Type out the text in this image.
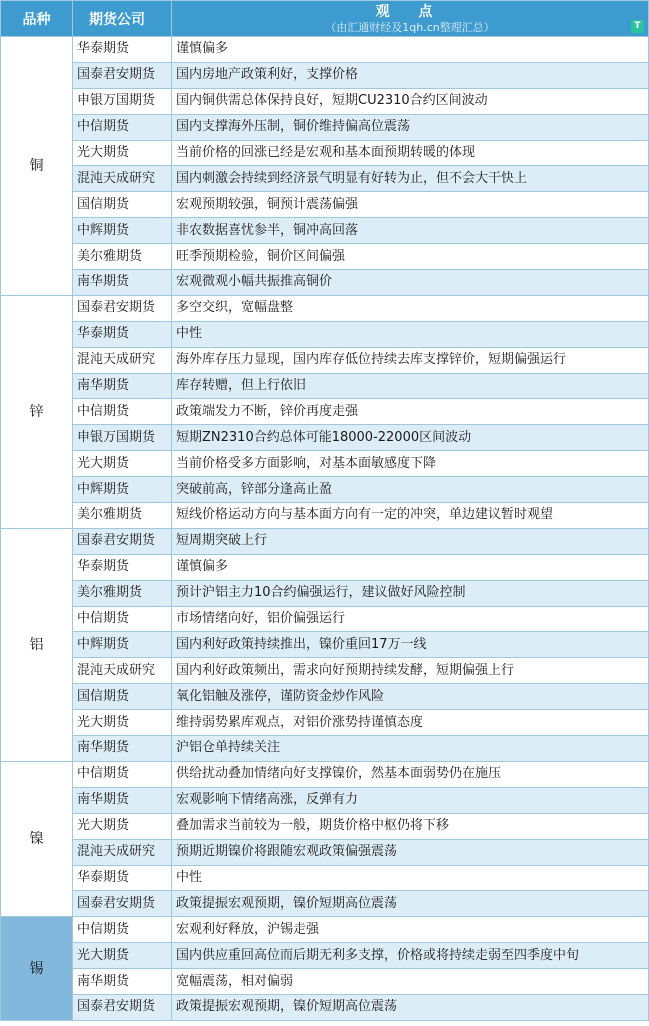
品种	期货公司	观 点
（由汇通财经及1qh.cn整理汇总） T

铜	华泰期货	谨慎偏多
	国泰君安期货	国内房地产政策利好，支撑价格
	申银万国期货	国内铜供需总体保持良好，短期CU2310合约区间波动
	中信期货	国内支撑海外压制，铜价维持偏高位震荡
	光大期货	当前价格的回涨已经是宏观和基本面预期转暖的体现
	混沌天成研究	国内刺激会持续到经济景气明显有好转为止，但不会大干快上
	国信期货	宏观预期较强，铜预计震荡偏强
	中辉期货	非农数据喜忧参半，铜冲高回落
	美尔雅期货	旺季预期检验，铜价区间偏强
	南华期货	宏观微观小幅共振推高铜价
锌	国泰君安期货	多空交织，宽幅盘整
	华泰期货	中性
	混沌天成研究	海外库存压力显现，国内库存低位持续去库支撑锌价，短期偏强运行
	南华期货	库存转赠，但上行依旧
	中信期货	政策端发力不断，锌价再度走强
	申银万国期货	短期ZN2310合约总体可能18000-22000区间波动
	光大期货	当前价格受多方面影响，对基本面敏感度下降
	中辉期货	突破前高，锌部分逢高止盈
	美尔雅期货	短线价格运动方向与基本面方向有一定的冲突，单边建议暂时观望
铝	国泰君安期货	短周期突破上行
	华泰期货	谨慎偏多
	美尔雅期货	预计沪铝主力10合约偏强运行，建议做好风险控制
	中信期货	市场情绪向好，铝价偏强运行
	中辉期货	国内利好政策持续推出，镍价重回17万一线
	混沌天成研究	国内利好政策频出，需求向好预期持续发酵，短期偏强上行
	国信期货	氧化铝触及涨停，谨防资金炒作风险
	光大期货	维持弱势累库观点，对铝价涨势持谨慎态度
	南华期货	沪铝仓单持续关注
镍	中信期货	供给扰动叠加情绪向好支撑镍价，然基本面弱势仍在施压
	南华期货	宏观影响下情绪高涨，反弹有力
	光大期货	叠加需求当前较为一般，期货价格中枢仍将下移
	混沌天成研究	预期近期镍价将跟随宏观政策偏强震荡
	华泰期货	中性
	国泰君安期货	政策提振宏观预期，镍价短期高位震荡
锡	中信期货	宏观利好释放，沪锡走强
	光大期货	国内供应重回高位而后期无利多支撑，价格或将持续走弱至四季度中旬
	南华期货	宽幅震荡，相对偏弱
	国泰君安期货	政策提振宏观预期，镍价短期高位震荡
